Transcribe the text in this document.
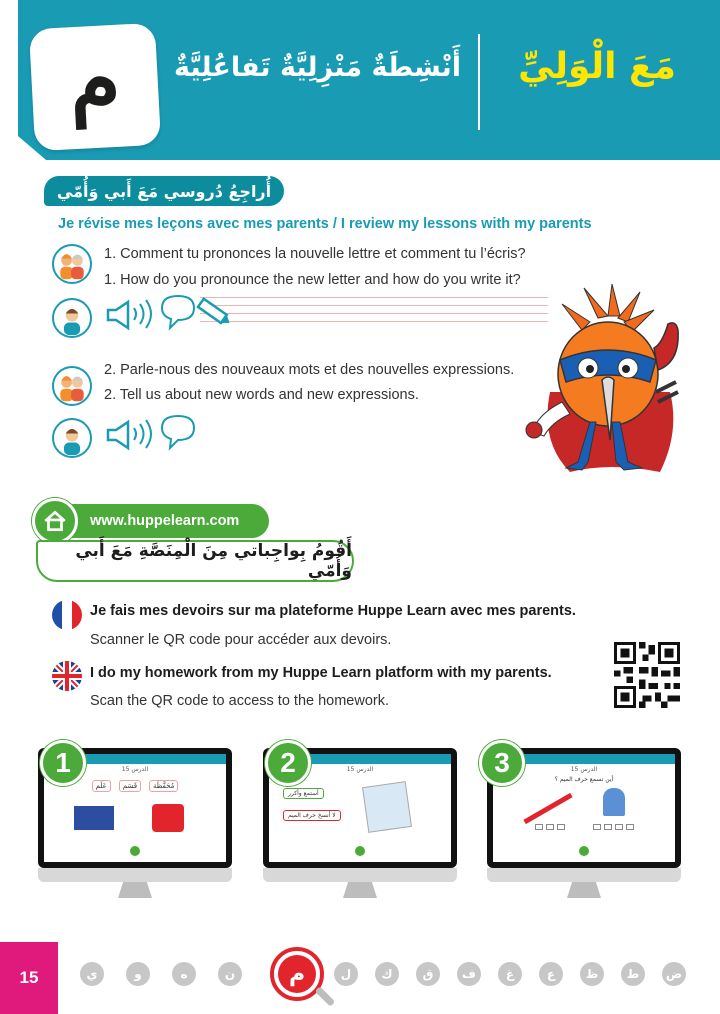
م أَنْشِطَةٌ مَنْزِلِيَّةٌ تَفاعُلِيَّةٌ	مَعَ الْوَلِيِّ
أُراجِعُ دُروسي مَعَ أَبي وَأُمّي
Je révise mes leçons avec mes parents / I review my lessons with my parents
1. Comment tu prononces la nouvelle lettre et comment tu l’écris?
1. How do you pronounce the new letter and how do you write it?
2. Parle-nous des nouveaux mots et des nouvelles expressions.
2. Tell us about new words and new expressions.
www.huppelearn.com
أَقُومُ بِواجِباتي مِنَ الْمِنَصَّةِ مَعَ أَبي وَأُمّي
Je fais mes devoirs sur ma plateforme Huppe Learn avec mes parents.
Scanner le QR code pour accéder aux devoirs.
I do my homework from my Huppe Learn platform with my parents.
Scan the QR code to access to the homework.
1	الدرس 15
مُحَفَّظَة
قَسَم
عَلَم
2	الدرس 15
أستمع وأكرر
لا أنسخ حرف الميم
3	الدرس 15
أين تسمع حرف الميم ؟
15	ي	و	ه	ن	م	ل	ك	ق	ف	غ	ع	ظ	ط	ض
